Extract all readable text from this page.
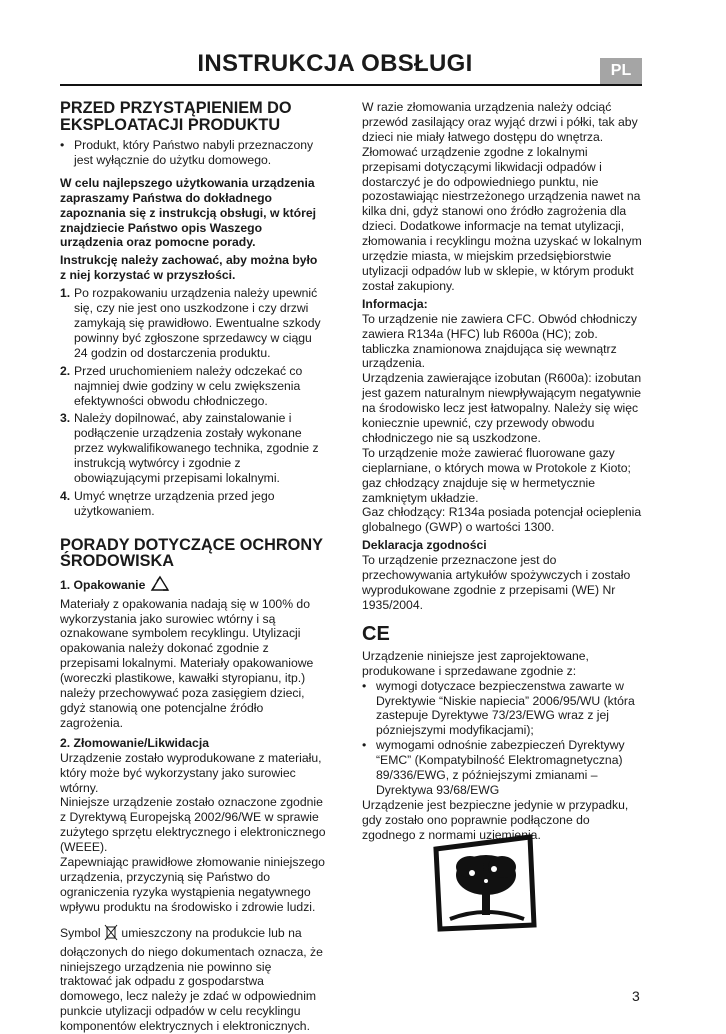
INSTRUKCJA OBSŁUGI	PL
PRZED PRZYSTĄPIENIEM DO EKSPLOATACJI PRODUKTU

• Produkt, który Państwo nabyli przeznaczony jest wyłącznie do użytku domowego.

W celu najlepszego użytkowania urządzenia zapraszamy Państwa do dokładnego zapoznania się z instrukcją obsługi, w której znajdziecie Państwo opis Waszego urządzenia oraz pomocne porady.

Instrukcję należy zachować, aby można było z niej korzystać w przyszłości.

1. Po rozpakowaniu urządzenia należy upewnić się, czy nie jest ono uszkodzone i czy drzwi zamykają się prawidłowo. Ewentualne szkody powinny być zgłoszone sprzedawcy w ciągu 24 godzin od dostarczenia produktu.
2. Przed uruchomieniem należy odczekać co najmniej dwie godziny w celu zwiększenia efektywności obwodu chłodniczego.
3. Należy dopilnować, aby zainstalowanie i podłączenie urządzenia zostały wykonane przez wykwalifikowanego technika, zgodnie z instrukcją wytwórcy i zgodnie z obowiązującymi przepisami lokalnymi.
4. Umyć wnętrze urządzenia przed jego użytkowaniem.
PORADY DOTYCZĄCE OCHRONY ŚRODOWISKA
1. Opakowanie

Materiały z opakowania nadają się w 100% do wykorzystania jako surowiec wtórny i są oznakowane symbolem recyklingu. Utylizacji opakowania należy dokonać zgodnie z przepisami lokalnymi. Materiały opakowaniowe (woreczki plastikowe, kawałki styropianu, itp.) należy przechowywać poza zasięgiem dzieci, gdyż stanowią one potencjalne źródło zagrożenia.

2. Złomowanie/Likwidacja

Urządzenie zostało wyprodukowane z materiału, który może być wykorzystany jako surowiec wtórny.

Niniejsze urządzenie zostało oznaczone zgodnie z Dyrektywą Europejską 2002/96/WE w sprawie zużytego sprzętu elektrycznego i elektronicznego (WEEE).

Zapewniając prawidłowe złomowanie niniejszego urządzenia, przyczynią się Państwo do ograniczenia ryzyka wystąpienia negatywnego wpływu produktu na środowisko i zdrowie ludzi.

Symbol umieszczony na produkcie lub na dołączonych do niego dokumentach oznacza, że niniejszego urządzenia nie powinno się traktować jak odpadu z gospodarstwa domowego, lecz należy je zdać w odpowiednim punkcie utylizacji odpadów w celu recyklingu komponentów elektrycznych i elektronicznych.

W razie złomowania urządzenia należy odciąć przewód zasilający oraz wyjąć drzwi i półki, tak aby dzieci nie miały łatwego dostępu do wnętrza. Złomować urządzenie zgodne z lokalnymi przepisami dotyczącymi likwidacji odpadów i dostarczyć je do odpowiedniego punktu, nie pozostawiając niestrzeżonego urządzenia nawet na kilka dni, gdyż stanowi ono źródło zagrożenia dla dzieci. Dodatkowe informacje na temat utylizacji, złomowania i recyklingu można uzyskać w lokalnym urzędzie miasta, w miejskim przedsiębiorstwie utylizacji odpadów lub w sklepie, w którym produkt został zakupiony.

Informacja:

To urządzenie nie zawiera CFC. Obwód chłodniczy zawiera R134a (HFC) lub R600a (HC); zob. tabliczka znamionowa znajdująca się wewnątrz urządzenia.

Urządzenia zawierające izobutan (R600a): izobutan jest gazem naturalnym niewpływającym negatywnie na środowisko lecz jest łatwopalny. Należy się więc koniecznie upewnić, czy przewody obwodu chłodniczego nie są uszkodzone.

To urządzenie może zawierać fluorowane gazy cieplarniane, o których mowa w Protokole z Kioto; gaz chłodzący znajduje się w hermetycznie zamkniętym układzie.

Gaz chłodzący: R134a posiada potencjał ocieplenia globalnego (GWP) o wartości 1300.

Deklaracja zgodności

To urządzenie przeznaczone jest do przechowywania artykułów spożywczych i zostało wyprodukowane zgodnie z przepisami (WE) Nr 1935/2004.

CE

Urządzenie niniejsze jest zaprojektowane, produkowane i sprzedawane zgodnie z:

• wymogi dotyczace bezpieczenstwa zawarte w Dyrektywie “Niskie napiecia” 2006/95/WU (która zastepuje Dyrektywe 73/23/EWG wraz z jej pózniejszymi modyfikacjami);

• wymogami odnośnie zabezpieczeń Dyrektywy “EMC” (Kompatybilność Elektromagnetyczna) 89/336/EWG, z późniejszymi zmianami – Dyrektywa 93/68/EWG

Urządzenie jest bezpieczne jedynie w przypadku, gdy zostało ono poprawnie podłączone do zgodnego z normami uziemienia.

3
